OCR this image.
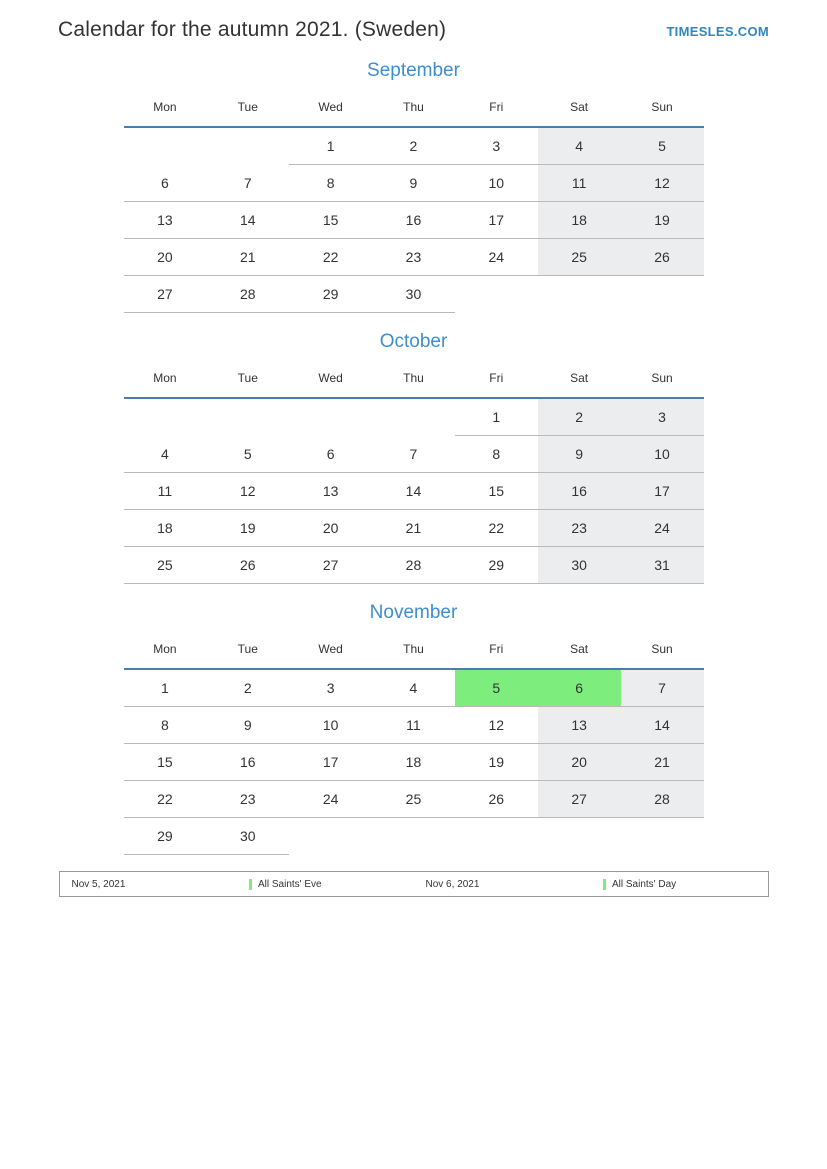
Calendar for the autumn 2021. (Sweden)	TIMESLES.COM
September
Mon	Tue	Wed	Thu	Fri	Sat	Sun
		1	2	3	4	5
6	7	8	9	10	11	12
13	14	15	16	17	18	19
20	21	22	23	24	25	26
27	28	29	30			
October
Mon	Tue	Wed	Thu	Fri	Sat	Sun
				1	2	3
4	5	6	7	8	9	10
11	12	13	14	15	16	17
18	19	20	21	22	23	24
25	26	27	28	29	30	31
November
Mon	Tue	Wed	Thu	Fri	Sat	Sun
1	2	3	4	5	6	7
8	9	10	11	12	13	14
15	16	17	18	19	20	21
22	23	24	25	26	27	28
29	30					
Nov 5, 2021	All Saints' Eve	Nov 6, 2021	All Saints' Day
